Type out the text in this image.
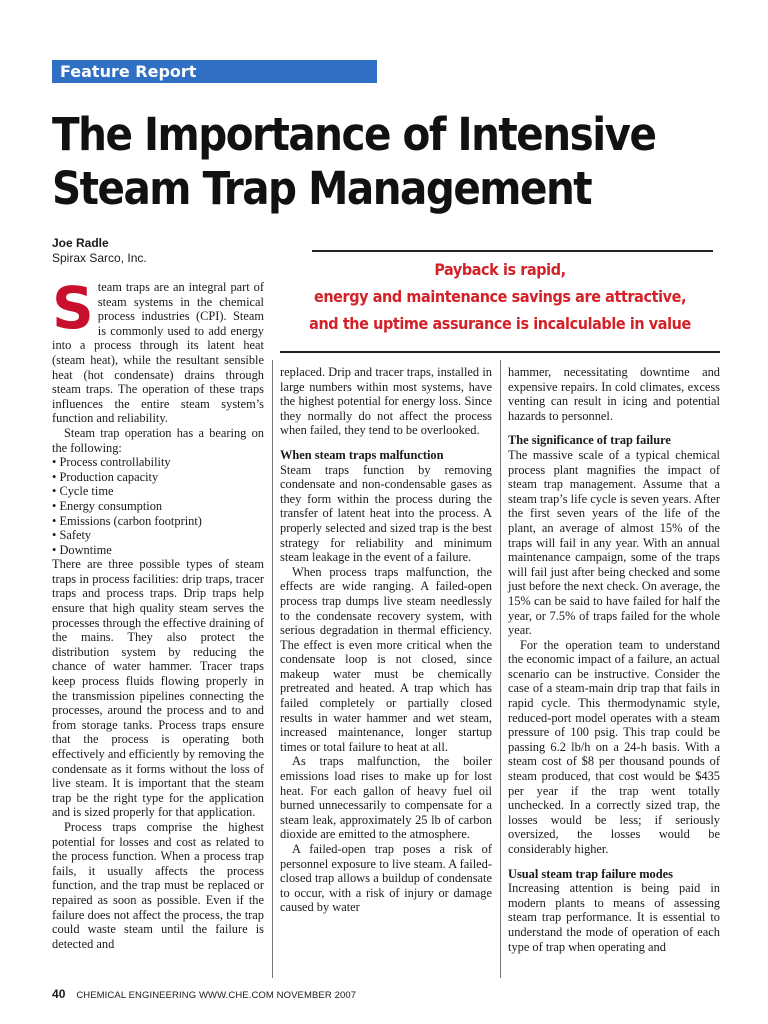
Feature Report
The Importance of Intensive
Steam Trap Management
Joe Radle
Spirax Sarco, Inc.
Payback is rapid,
energy and maintenance savings are attractive,
and the uptime assurance is incalculable in value

Steam traps are an integral part of steam systems in the chemical process industries (CPI). Steam is commonly used to add energy into a process through its latent heat (steam heat), while the resultant sensible heat (hot condensate) drains through steam traps. The operation of these traps influences the entire steam system’s function and reliability.

Steam trap operation has a bearing on the following:

• Process controllability
• Production capacity
• Cycle time
• Energy consumption
• Emissions (carbon footprint)
• Safety
• Downtime

There are three possible types of steam traps in process facilities: drip traps, tracer traps and process traps. Drip traps help ensure that high quality steam serves the processes through the effective draining of the mains. They also protect the distribution system by reducing the chance of water hammer. Tracer traps keep process fluids flowing properly in the transmission pipelines connecting the processes, around the process and to and from storage tanks. Process traps ensure that the process is operating both effectively and efficiently by removing the condensate as it forms without the loss of live steam. It is important that the steam trap be the right type for the application and is sized properly for that application.

Process traps comprise the highest potential for losses and cost as related to the process function. When a process trap fails, it usually affects the process function, and the trap must be replaced or repaired as soon as possible. Even if the failure does not affect the process, the trap could waste steam until the failure is detected and

replaced. Drip and tracer traps, installed in large numbers within most systems, have the highest potential for energy loss. Since they normally do not affect the process when failed, they tend to be overlooked.

When steam traps malfunction

Steam traps function by removing condensate and non-condensable gases as they form within the process during the transfer of latent heat into the process. A properly selected and sized trap is the best strategy for reliability and minimum steam leakage in the event of a failure.

When process traps malfunction, the effects are wide ranging. A failed-open process trap dumps live steam needlessly to the condensate recovery system, with serious degradation in thermal efficiency. The effect is even more critical when the condensate loop is not closed, since makeup water must be chemically pretreated and heated. A trap which has failed completely or partially closed results in water hammer and wet steam, increased maintenance, longer startup times or total failure to heat at all.

As traps malfunction, the boiler emissions load rises to make up for lost heat. For each gallon of heavy fuel oil burned unnecessarily to compensate for a steam leak, approximately 25 lb of carbon dioxide are emitted to the atmosphere.

A failed-open trap poses a risk of personnel exposure to live steam. A failed-closed trap allows a buildup of condensate to occur, with a risk of injury or damage caused by water

hammer, necessitating downtime and expensive repairs. In cold climates, excess venting can result in icing and potential hazards to personnel.

The significance of trap failure

The massive scale of a typical chemical process plant magnifies the impact of steam trap management. Assume that a steam trap’s life cycle is seven years. After the first seven years of the life of the plant, an average of almost 15% of the traps will fail in any year. With an annual maintenance campaign, some of the traps will fail just after being checked and some just before the next check. On average, the 15% can be said to have failed for half the year, or 7.5% of traps failed for the whole year.

For the operation team to understand the economic impact of a failure, an actual scenario can be instructive. Consider the case of a steam-main drip trap that fails in rapid cycle. This thermodynamic style, reduced-port model operates with a steam pressure of 100 psig. This trap could be passing 6.2 lb/h on a 24-h basis. With a steam cost of $8 per thousand pounds of steam produced, that cost would be $435 per year if the trap went totally unchecked. In a correctly sized trap, the losses would be less; if seriously oversized, the losses would be considerably higher.

Usual steam trap failure modes

Increasing attention is being paid in modern plants to means of assessing steam trap performance. It is essential to understand the mode of operation of each type of trap when operating and

40 CHEMICAL ENGINEERING WWW.CHE.COM NOVEMBER 2007
